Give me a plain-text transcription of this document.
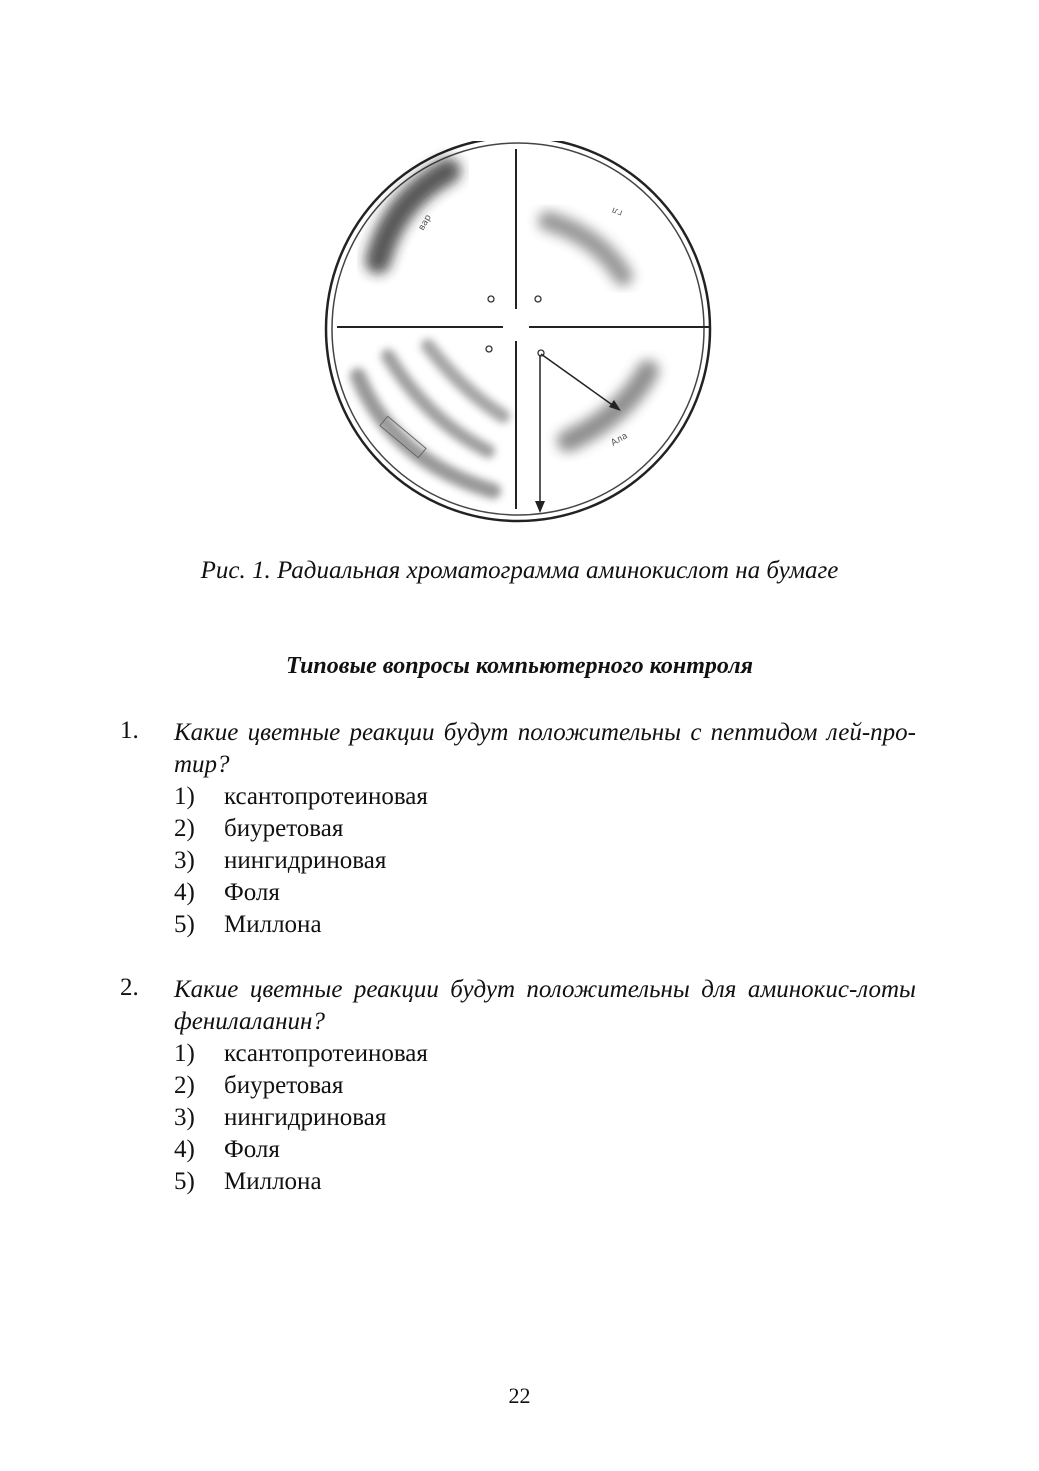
вар
гл
Ала
Рис. 1. Радиальная хроматограмма аминокислот на бумаге
Типовые вопросы компьютерного контроля
1. Какие цветные реакции будут положительны с пептидом лей-про-тир?
1) ксантопротеиновая
2) биуретовая
3) нингидриновая
4) Фоля
5) Миллона
2. Какие цветные реакции будут положительны для аминокис-лоты фенилаланин?
1) ксантопротеиновая
2) биуретовая
3) нингидриновая
4) Фоля
5) Миллона
22
